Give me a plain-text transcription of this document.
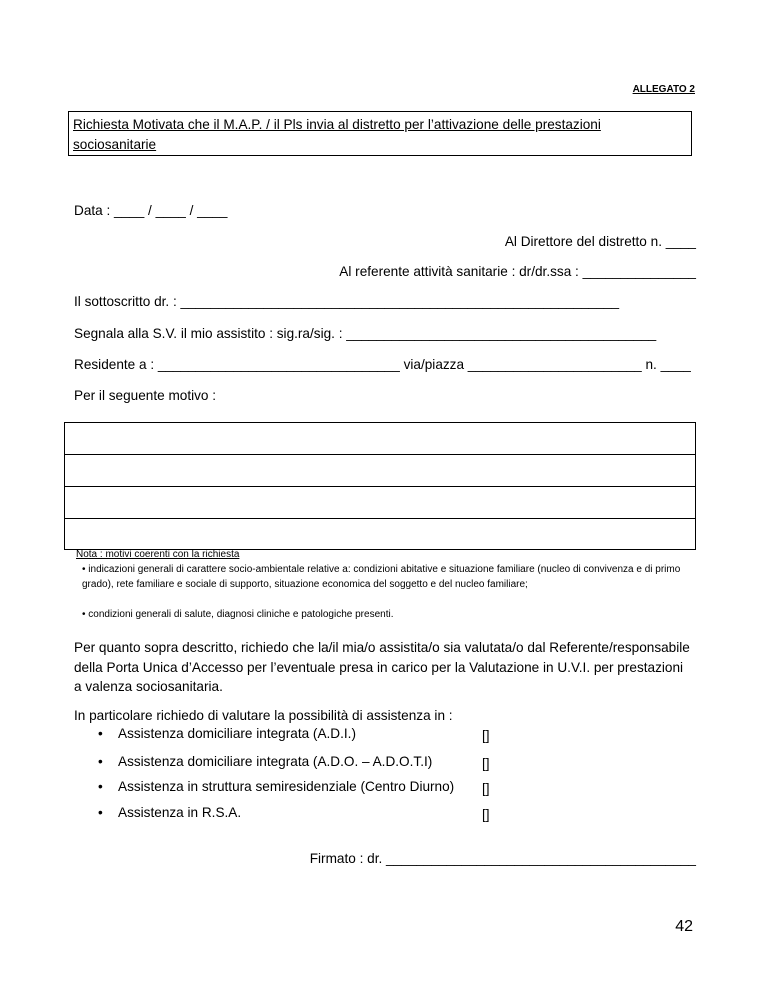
ALLEGATO 2
Richiesta Motivata che il M.A.P. / il Pls invia al distretto per l’attivazione delle prestazioni sociosanitarie
Data : ____ / ____ / ____
Al Direttore del distretto n. ____
Al referente attività sanitarie : dr/dr.ssa : _______________
Il sottoscritto dr. : __________________________________________________________
Segnala alla S.V. il mio assistito : sig.ra/sig. : _________________________________________
Residente a : ________________________________ via/piazza _______________________ n. ____
Per il seguente motivo :
Nota : motivi coerenti con la richiesta
• indicazioni generali di carattere socio-ambientale relative a: condizioni abitative e situazione familiare (nucleo di convivenza e di primo grado), rete familiare e sociale di supporto, situazione economica del soggetto e del nucleo familiare;
• condizioni generali di salute, diagnosi cliniche e patologiche presenti.
Per quanto sopra descritto, richiedo che la/il mia/o assistita/o sia valutata/o dal Referente/responsabile della Porta Unica d’Accesso per l’eventuale presa in carico per la Valutazione in U.V.I. per prestazioni a valenza sociosanitaria.
In particolare richiedo di valutare la possibilità di assistenza in :
• Assistenza domiciliare integrata (A.D.I.)	[]
• Assistenza domiciliare integrata (A.D.O. – A.D.O.T.I)	[]
• Assistenza in struttura semiresidenziale (Centro Diurno) []
• Assistenza in R.S.A.	[]
Firmato : dr. _________________________________________
42
